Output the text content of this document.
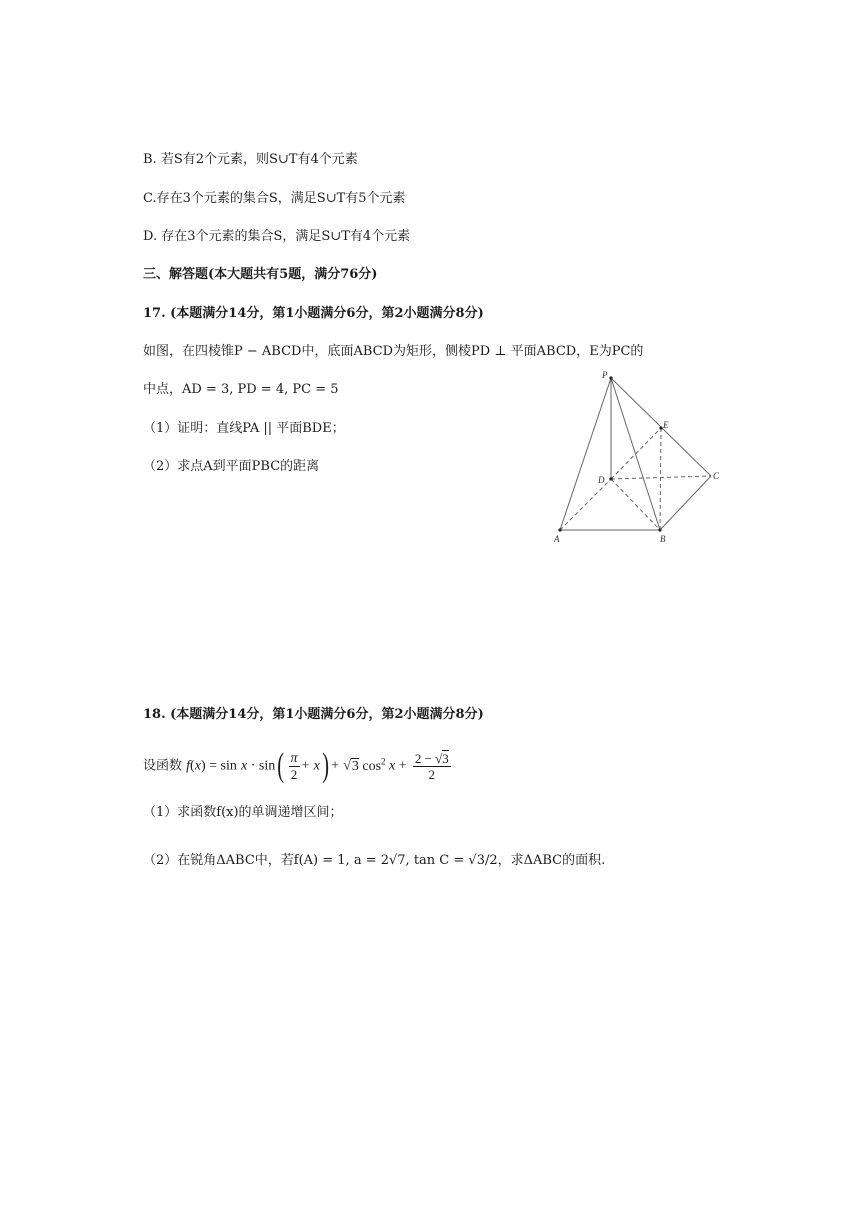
B. 若S有2个元素，则S∪T有4个元素
C.存在3个元素的集合S，满足S∪T有5个元素
D. 存在3个元素的集合S，满足S∪T有4个元素
三、解答题(本大题共有5题，满分76分)
17. (本题满分14分，第1小题满分6分，第2小题满分8分)
如图，在四棱锥P − ABCD中，底面ABCD为矩形，侧棱PD ⊥ 平面ABCD，E为PC的
中点，AD = 3, PD = 4, PC = 5
（1）证明：直线PA || 平面BDE；
（2）求点A到平面PBC的距离
P
E
D	C
A	B
18. (本题满分14分，第1小题满分6分，第2小题满分8分)
设函数 $f(x) = \sin x \cdot \sin( \frac{\pi}{2} + x) + √3$ $\cos^2 x + \frac{2 - √3}{2}$
（1）求函数f(x)的单调递增区间；
（2）在锐角ΔABC中，若f(A) = 1, a = 2√7, tan C = √3/2，求ΔABC的面积.
